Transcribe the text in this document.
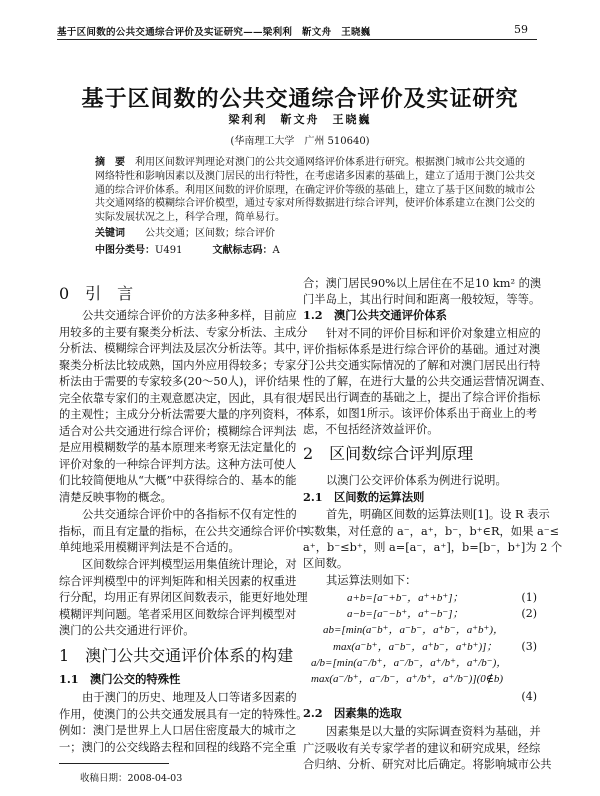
基于区间数的公共交通综合评价及实证研究——梁利利　靳文舟　王晓巍	59
基于区间数的公共交通综合评价及实证研究
梁利利　靳文舟　王晓巍
(华南理工大学　广州 510640)
摘　要　 利用区间数评判理论对澳门的公共交通网络评价体系进行研究。根据澳门城市公共交通的
网络特性和影响因素以及澳门居民的出行特性，在考虑诸多因素的基础上，建立了适用于澳门公共交
通的综合评价体系。利用区间数的评价原理，在确定评价等级的基础上，建立了基于区间数的城市公
共交通网络的模糊综合评价模型，通过专家对所得数据进行综合评判，使评价体系建立在澳门公交的
实际发展状况之上，科学合理，简单易行。
关键词　　 公共交通；区间数；综合评价
中图分类号：U491　　　	文献标志码：A
0　引　言
公共交通综合评价的方法多种多样，目前应
用较多的主要有聚类分析法、专家分析法、主成分
分析法、模糊综合评判法及层次分析法等。其中，
聚类分析法比较成熟，国内外应用得较多；专家分
析法由于需要的专家较多(20～50人)，评价结果
完全依靠专家们的主观意愿决定，因此，具有很大
的主观性；主成分分析法需要大量的序列资料，不
适合对公共交通进行综合评价；模糊综合评判法
是应用模糊数学的基本原理来考察无法定量化的
评价对象的一种综合评判方法。这种方法可使人
们比较简便地从“大概”中获得综合的、基本的能
清楚反映事物的概念。
公共交通综合评价中的各指标不仅有定性的
指标，而且有定量的指标，在公共交通综合评价中
单纯地采用模糊评判法是不合适的。
区间数综合评判模型运用集值统计理论，对
综合评判模型中的评判矩阵和相关因素的权重进
行分配，均用正有界闭区间数表示，能更好地处理
模糊评判问题。笔者采用区间数综合评判模型对
澳门的公共交通进行评价。
1　澳门公共交通评价体系的构建
1.1　澳门公交的特殊性
由于澳门的历史、地理及人口等诸多因素的
作用，使澳门的公共交通发展具有一定的特殊性。
例如：澳门是世界上人口居住密度最大的城市之
一；澳门的公交线路去程和回程的线路不完全重
收稿日期：2008-04-03
合；澳门居民90%以上居住在不足10 km² 的澳
门半岛上，其出行时间和距离一般较短，等等。
1.2　澳门公共交通评价体系
针对不同的评价目标和评价对象建立相应的
评价指标体系是进行综合评价的基础。通过对澳
门公共交通实际情况的了解和对澳门居民出行特
性的了解，在进行大量的公共交通运营情况调查、
居民出行调查的基础之上，提出了综合评价指标
体系，如图1所示。该评价体系出于商业上的考
虑，不包括经济效益评价。
2　区间数综合评判原理
以澳门公交评价体系为例进行说明。
2.1　区间数的运算法则
首先，明确区间数的运算法则[1]。设 R 表示
实数集，对任意的 a⁻，a⁺，b⁻，b⁺∈R，如果 a⁻≤
a⁺，b⁻≤b⁺，则 a=[a⁻，a⁺]，b=[b⁻，b⁺]为 2 个
区间数。
其运算法则如下：
a+b=[a⁻+b⁻，a⁺+b⁺]；	(1)
a−b=[a⁻−b⁺，a⁺−b⁻]；	(2)
ab=[min(a⁻b⁺，a⁻b⁻，a⁺b⁻，a⁺b⁺)，
max(a⁻b⁺，a⁻b⁻，a⁺b⁻，a⁺b⁺)]；	(3)
a/b=[min(a⁻/b⁺，a⁻/b⁻，a⁺/b⁺，a⁺/b⁻)，
max(a⁻/b⁺，a⁻/b⁻，a⁺/b⁺，a⁺/b⁻)](0∉b)
(4)
2.2　因素集的选取
因素集是以大量的实际调查资料为基础，并
广泛吸收有关专家学者的建议和研究成果，经综
合归纳、分析、研究对比后确定。将影响城市公共
